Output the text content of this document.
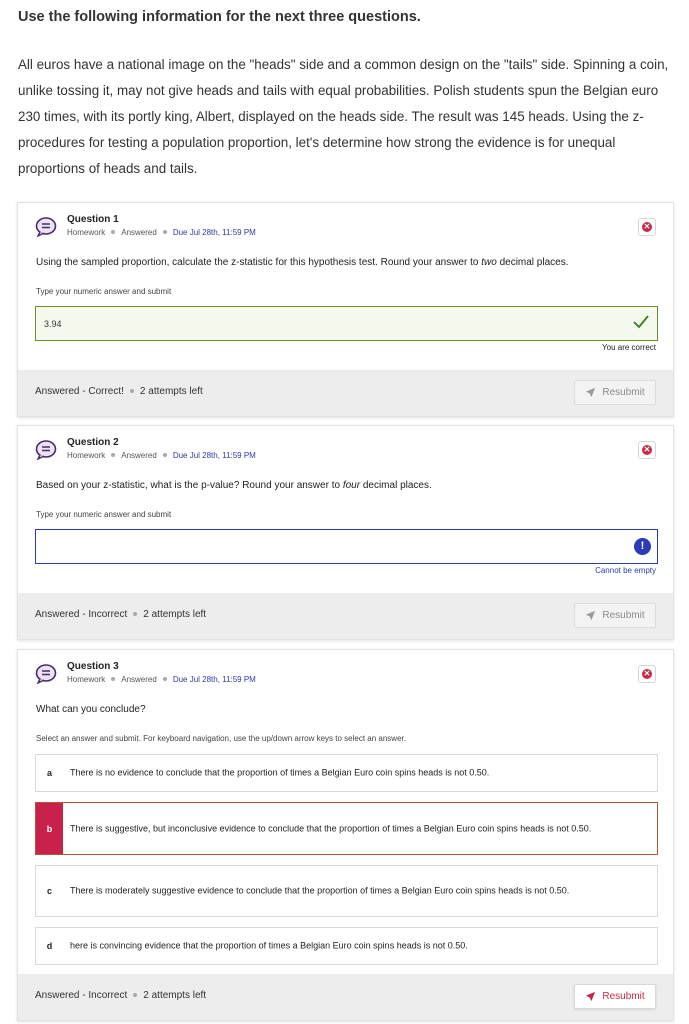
Use the following information for the next three questions.
All euros have a national image on the "heads" side and a common design on the "tails" side. Spinning a coin, unlike tossing it, may not give heads and tails with equal probabilities. Polish students spun the Belgian euro 230 times, with its portly king, Albert, displayed on the heads side. The result was 145 heads. Using the z-procedures for testing a population proportion, let's determine how strong the evidence is for unequal proportions of heads and tails.
Question 1
Homework Answered Due Jul 28th, 11:59 PM
✕
Using the sampled proportion, calculate the z-statistic for this hypothesis test. Round your answer to two decimal places.
Type your numeric answer and submit
3.94
You are correct
Answered - Correct! 2 attempts left	Resubmit
Question 2
Homework Answered Due Jul 28th, 11:59 PM
✕
Based on your z-statistic, what is the p-value? Round your answer to four decimal places.
Type your numeric answer and submit
!
Cannot be empty
Answered - Incorrect 2 attempts left	Resubmit
Question 3
Homework Answered Due Jul 28th, 11:59 PM
✕
What can you conclude?
Select an answer and submit. For keyboard navigation, use the up/down arrow keys to select an answer.
a	There is no evidence to conclude that the proportion of times a Belgian Euro coin spins heads is not 0.50.
b	There is suggestive, but inconclusive evidence to conclude that the proportion of times a Belgian Euro coin spins heads is not 0.50.
c	There is moderately suggestive evidence to conclude that the proportion of times a Belgian Euro coin spins heads is not 0.50.
d	here is convincing evidence that the proportion of times a Belgian Euro coin spins heads is not 0.50.
Answered - Incorrect 2 attempts left	Resubmit
